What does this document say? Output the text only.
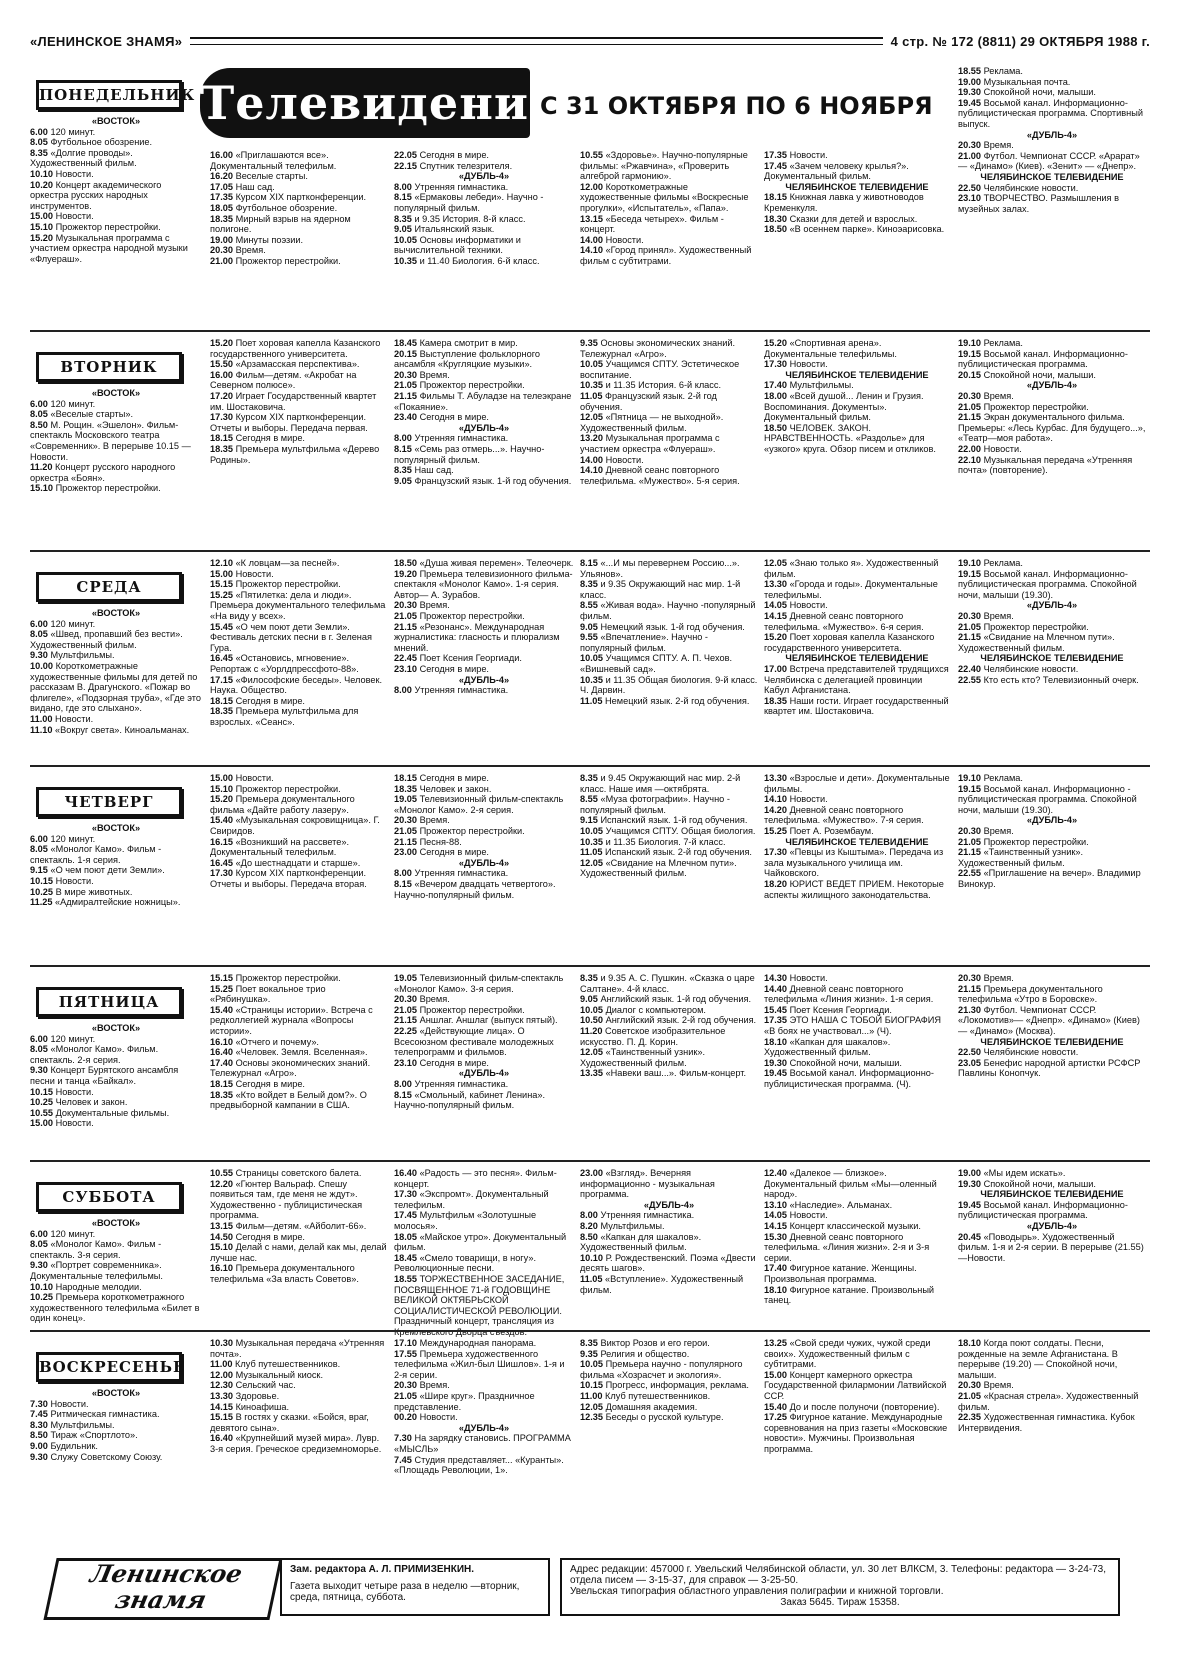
«ЛЕНИНСКОЕ ЗНАМЯ»	4 стр. № 172 (8811) 29 ОКТЯБРЯ 1988 г.
Телевидение
С 31 ОКТЯБРЯ ПО 6 НОЯБРЯ
ПОНЕДЕЛЬНИК

«ВОСТОК»

6.00 120 минут.

8.05 Футбольное обозрение.

8.35 «Долгие проводы». Художественный фильм.

10.10 Новости.

10.20 Концерт академического оркестра русских народных инструментов.

15.00 Новости.

15.10 Прожектор перестройки.

15.20 Музыкальная программа с участием оркестра народной музыки «Флуераш».

16.00 «Приглашаются все». Документальный телефильм.

16.20 Веселые старты.

17.05 Наш сад.

17.35 Курсом XIX партконференции.

18.05 Футбольное обозрение.

18.35 Мирный взрыв на ядерном полигоне.

19.00 Минуты поэзии.

20.30 Время.

21.00 Прожектор перестройки.

22.05 Сегодня в мире.

22.15 Спутник телезрителя.

«ДУБЛЬ-4»

8.00 Утренняя гимнастика.

8.15 «Ермаковы лебеди». Научно - популярный фильм.

8.35 и 9.35 История. 8-й класс.

9.05 Итальянский язык.

10.05 Основы информатики и вычислительной техники.

10.35 и 11.40 Биология. 6-й класс.

10.55 «Здоровье». Научно-популярные фильмы: «Ржавчина», «Проверить алгеброй гармонию».

12.00 Короткометражные художественные фильмы «Воскресные прогулки», «Испытатель», «Папа».

13.15 «Беседа четырех». Фильм - концерт.

14.00 Новости.

14.10 «Город принял». Художественный фильм с субтитрами.

17.35 Новости.

17.45 «Зачем человеку крылья?». Документальный фильм.

ЧЕЛЯБИНСКОЕ ТЕЛЕВИДЕНИЕ

18.15 Книжная лавка у животноводов Кременкуля.

18.30 Сказки для детей и взрослых.

18.50 «В осеннем парке». Киноэарисовка.

18.55 Реклама.

19.00 Музыкальная почта.

19.30 Спокойной ночи, малыши.

19.45 Восьмой канал. Информационно-публицистическая программа. Спортивный выпуск.

«ДУБЛЬ-4»

20.30 Время.

21.00 Футбол. Чемпионат СССР. «Арарат» — «Динамо» (Киев). «Зенит» — «Днепр».

ЧЕЛЯБИНСКОЕ ТЕЛЕВИДЕНИЕ

22.50 Челябинские новости.

23.10 ТВОРЧЕСТВО. Размышления в музейных залах.

ВТОРНИК

«ВОСТОК»

6.00 120 минут.

8.05 «Веселые старты».

8.50 М. Рощин. «Эшелон». Фильм-спектакль Московского театра «Современник». В перерыве 10.15 — Новости.

11.20 Концерт русского народного оркестра «Боян».

15.10 Прожектор перестройки.

15.20 Поет хоровая капелла Казанского государственного университета.

15.50 «Арзамасская перспектива».

16.00 Фильм—детям. «Акробат на Северном полюсе».

17.20 Играет Государственный квартет им. Шостаковича.

17.30 Курсом XIX партконференции. Отчеты и выборы. Передача первая.

18.15 Сегодня в мире.

18.35 Премьера мультфильма «Дерево Родины».

18.45 Камера смотрит в мир.

20.15 Выступление фольклорного ансамбля «Кругляцкие музыки».

20.30 Время.

21.05 Прожектор перестройки.

21.15 Фильмы Т. Абуладзе на телеэкране «Покаяние».

23.40 Сегодня в мире.

«ДУБЛЬ-4»

8.00 Утренняя гимнастика.

8.15 «Семь раз отмерь...». Научно- популярный фильм.

8.35 Наш сад.

9.05 Французский язык. 1-й год обучения.

9.35 Основы экономических знаний. Тележурнал «Агро».

10.05 Учащимся СПТУ. Эстетическое воспитание.

10.35 и 11.35 История. 6-й класс.

11.05 Французский язык. 2-й год обучения.

12.05 «Пятница — не выходной». Художественный фильм.

13.20 Музыкальная программа с участием оркестра «Флуераш».

14.00 Новости.

14.10 Дневной сеанс повторного телефильма. «Мужество». 5-я серия.

15.20 «Спортивная арена». Документальные телефильмы.

17.30 Новости.

ЧЕЛЯБИНСКОЕ ТЕЛЕВИДЕНИЕ

17.40 Мультфильмы.

18.00 «Всей душой... Ленин и Грузия. Воспоминания. Документы». Документальный фильм.

18.50 ЧЕЛОВЕК. ЗАКОН. НРАВСТВЕННОСТЬ. «Раздолье» для «узкого» круга. Обзор писем и откликов.

19.10 Реклама.

19.15 Восьмой канал. Информационно-публицистическая программа.

20.15 Спокойной ночи, малыши.

«ДУБЛЬ-4»

20.30 Время.

21.05 Прожектор перестройки.

21.15 Экран документального фильма. Премьеры: «Лесь Курбас. Для будущего...», «Театр—моя работа».

22.00 Новости.

22.10 Музыкальная передача «Утренняя почта» (повторение).

СРЕДА

«ВОСТОК»

6.00 120 минут.

8.05 «Швед, пропавший без вести». Художественный фильм.

9.30 Мультфильмы.

10.00 Короткометражные художественные фильмы для детей по рассказам В. Драгунского. «Пожар во флигеле», «Подзорная труба», «Где это видано, где это слыхано».

11.00 Новости.

11.10 «Вокруг света». Киноальманах.

12.10 «К ловцам—за песней».

15.00 Новости.

15.15 Прожектор перестройки.

15.25 «Пятилетка: дела и люди». Премьера документального телефильма «На виду у всех».

15.45 «О чем поют дети Земли». Фестиваль детских песни в г. Зеленая Гура.

16.45 «Остановись, мгновение». Репортаж с «Уорлдпрессфото-88».

17.15 «Философские беседы». Человек. Наука. Общество.

18.15 Сегодня в мире.

18.35 Премьера мультфильма для взрослых. «Сеанс».

18.50 «Душа живая перемен». Телеочерк.

19.20 Премьера телевизионного фильма-спектакля «Монолог Камо». 1-я серия. Автор— А. Зурабов.

20.30 Время.

21.05 Прожектор перестройки.

21.15 «Резонанс». Международная журналистика: гласность и плюрализм мнений.

22.45 Поет Ксения Георгиади.

23.10 Сегодня в мире.

«ДУБЛЬ-4»

8.00 Утренняя гимнастика.

8.15 «...И мы перевернем Россию...». Ульянов».

8.35 и 9.35 Окружающий нас мир. 1-й класс.

8.55 «Живая вода». Научно -популярный фильм.

9.05 Немецкий язык. 1-й год обучения.

9.55 «Впечатление». Научно - популярный фильм.

10.05 Учащимся СПТУ. А. П. Чехов. «Вишневый сад».

10.35 и 11.35 Общая биология. 9-й класс. Ч. Дарвин.

11.05 Немецкий язык. 2-й год обучения.

12.05 «Знаю только я». Художественный фильм.

13.30 «Города и годы». Документальные телефильмы.

14.05 Новости.

14.15 Дневной сеанс повторного телефильма. «Мужество». 6-я серия.

15.20 Поет хоровая капелла Казанского государственного университета.

ЧЕЛЯБИНСКОЕ ТЕЛЕВИДЕНИЕ

17.00 Встреча представителей трудящихся Челябинска с делегацией провинции Кабул Афганистана.

18.35 Наши гости. Играет государственный квартет им. Шостаковича.

19.10 Реклама.

19.15 Восьмой канал. Информационно-публицистическая программа. Спокойной ночи, малыши (19.30).

«ДУБЛЬ-4»

20.30 Время.

21.05 Прожектор перестройки.

21.15 «Свидание на Млечном пути». Художественный фильм.

ЧЕЛЯБИНСКОЕ ТЕЛЕВИДЕНИЕ

22.40 Челябинские новости.

22.55 Кто есть кто? Телевизионный очерк.

ЧЕТВЕРГ

«ВОСТОК»

6.00 120 минут.

8.05 «Монолог Камо». Фильм - спектакль. 1-я серия.

9.15 «О чем поют дети Земли».

10.15 Новости.

10.25 В мире животных.

11.25 «Адмиралтейские ножницы».

15.00 Новости.

15.10 Прожектор перестройки.

15.20 Премьера документального фильма «Дайте работу лазеру».

15.40 «Музыкальная сокровищница». Г. Свиридов.

16.15 «Возникший на рассвете». Документальный телефильм.

16.45 «До шестнадцати и старше».

17.30 Курсом XIX партконференции. Отчеты и выборы. Передача вторая.

18.15 Сегодня в мире.

18.35 Человек и закон.

19.05 Телевизионный фильм-спектакль «Монолог Камо». 2-я серия.

20.30 Время.

21.05 Прожектор перестройки.

21.15 Песня-88.

23.00 Сегодня в мире.

«ДУБЛЬ-4»

8.00 Утренняя гимнастика.

8.15 «Вечером двадцать четвертого». Научно-популярный фильм.

8.35 и 9.45 Окружающий нас мир. 2-й класс. Наше имя —октябрята.

8.55 «Муза фотографии». Научно - популярный фильм.

9.15 Испанский язык. 1-й год обучения.

10.05 Учащимся СПТУ. Общая биология.

10.35 и 11.35 Биология. 7-й класс.

11.05 Испанский язык. 2-й год обучения.

12.05 «Свидание на Млечном пути». Художественный фильм.

13.30 «Взрослые и дети». Документальные фильмы.

14.10 Новости.

14.20 Дневной сеанс повторного телефильма. «Мужество». 7-я серия.

15.25 Поет А. Розембаум.

ЧЕЛЯБИНСКОЕ ТЕЛЕВИДЕНИЕ

17.30 «Певцы из Кыштыма». Передача из зала музыкального училища им. Чайковского.

18.20 ЮРИСТ ВЕДЕТ ПРИЕМ. Некоторые аспекты жилищного законодательства.

19.10 Реклама.

19.15 Восьмой канал. Информационно - публицистическая программа. Спокойной ночи, малыши (19.30).

«ДУБЛЬ-4»

20.30 Время.

21.05 Прожектор перестройки.

21.15 «Таинственный узник». Художественный фильм.

22.55 «Приглашение на вечер». Владимир Винокур.

ПЯТНИЦА

«ВОСТОК»

6.00 120 минут.

8.05 «Монолог Камо». Фильм. спектакль. 2-я серия.

9.30 Концерт Бурятского ансамбля песни и танца «Байкал».

10.15 Новости.

10.25 Человек и закон.

10.55 Документальные фильмы.

15.00 Новости.

15.15 Прожектор перестройки.

15.25 Поет вокальное трио «Рябинушка».

15.40 «Страницы истории». Встреча с редколлегией журнала «Вопросы истории».

16.10 «Отчего и почему».

16.40 «Человек. Земля. Вселенная».

17.40 Основы экономических знаний. Тележурнал «Агро».

18.15 Сегодня в мире.

18.35 «Кто войдет в Белый дом?». О предвыборной кампании в США.

19.05 Телевизионный фильм-спектакль «Монолог Камо». 3-я серия.

20.30 Время.

21.05 Прожектор перестройки.

21.15 Аншлаг. Аншлаг (выпуск пятый).

22.25 «Действующие лица». О Всесоюзном фестивале молодежных телепрограмм и фильмов.

23.10 Сегодня в мире.

«ДУБЛЬ-4»

8.00 Утренняя гимнастика.

8.15 «Смольный, кабинет Ленина». Научно-популярный фильм.

8.35 и 9.35 А. С. Пушкин. «Сказка о царе Салтане». 4-й класс.

9.05 Английский язык. 1-й год обучения.

10.05 Диалог с компьютером.

10.50 Английский язык. 2-й год обучения.

11.20 Советское изобразительное искусство. П. Д. Корин.

12.05 «Таинственный узник». Художественный фильм.

13.35 «Навеки ваш...». Фильм-концерт.

14.30 Новости.

14.40 Дневной сеанс повторного телефильма «Линия жизни». 1-я серия.

15.45 Поет Ксения Георгиади.

17.35 ЭТО НАША С ТОБОЙ БИОГРАФИЯ «В боях не участвовал...» (Ч).

18.10 «Капкан для шакалов». Художественный фильм.

19.30 Спокойной ночи, малыши.

19.45 Восьмой канал. Информационно-публицистическая программа. (Ч).

20.30 Время.

21.15 Премьера документального телефильма «Утро в Боровске».

21.30 Футбол. Чемпионат СССР. «Локомотив»— «Днепр». «Динамо» (Киев) — «Динамо» (Москва).

ЧЕЛЯБИНСКОЕ ТЕЛЕВИДЕНИЕ

22.50 Челябинские новости.

23.05 Бенефис народной артистки РСФСР Павлины Конопчук.

СУББОТА

«ВОСТОК»

6.00 120 минут.

8.05 «Монолог Камо». Фильм - спектакль. 3-я серия.

9.30 «Портрет современника». Документальные телефильмы.

10.10 Народные мелодии.

10.25 Премьера короткометражного художественного телефильма «Билет в один конец».

10.55 Страницы советского балета.

12.20 «Гюнтер Вальраф. Спешу появиться там, где меня не ждут». Художественно - публицистическая программа.

13.15 Фильм—детям. «Айболит-66».

14.50 Сегодня в мире.

15.10 Делай с нами, делай как мы, делай лучше нас.

16.10 Премьера документального телефильма «За власть Советов».

16.40 «Радость — это песня». Фильм-концерт.

17.30 «Экспромт». Документальный телефильм.

17.45 Мультфильм «Золотушные молосья».

18.05 «Майское утро». Документальный фильм.

18.45 «Смело товарищи, в ногу». Революционные песни.

18.55 ТОРЖЕСТВЕННОЕ ЗАСЕДАНИЕ, ПОСВЯЩЕННОЕ 71-й ГОДОВЩИНЕ ВЕЛИКОЙ ОКТЯБРЬСКОЙ СОЦИАЛИСТИЧЕСКОЙ РЕВОЛЮЦИИ. Праздничный концерт, трансляция из Кремлевского Дворца съездов.

23.00 «Взгляд». Вечерняя информационно - музыкальная программа.

«ДУБЛЬ-4»

8.00 Утренняя гимнастика.

8.20 Мультфильмы.

8.50 «Капкан для шакалов». Художественный фильм.

10.10 Р. Рождественский. Поэма «Двести десять шагов».

11.05 «Вступление». Художественный фильм.

12.40 «Далекое — близкое». Документальный фильм «Мы—оленный народ».

13.10 «Наследие». Альманах.

14.05 Новости.

14.15 Концерт классической музыки.

15.30 Дневной сеанс повторного телефильма. «Линия жизни». 2-я и 3-я серии.

17.40 Фигурное катание. Женщины. Произвольная программа.

18.10 Фигурное катание. Произвольный танец.

19.00 «Мы идем искать».

19.30 Спокойной ночи, малыши.

ЧЕЛЯБИНСКОЕ ТЕЛЕВИДЕНИЕ

19.45 Восьмой канал. Информационно-публицистическая программа.

«ДУБЛЬ-4»

20.45 «Поводырь». Художественный фильм. 1-я и 2-я серии. В перерыве (21.55)—Новости.

ВОСКРЕСЕНЬЕ

«ВОСТОК»

7.30 Новости.

7.45 Ритмическая гимнастика.

8.30 Мультфильмы.

8.50 Тираж «Спортлото».

9.00 Будильник.

9.30 Служу Советскому Союзу.

10.30 Музыкальная передача «Утренняя почта».

11.00 Клуб путешественников.

12.00 Музыкальный киоск.

12.30 Сельский час.

13.30 Здоровье.

14.15 Киноафиша.

15.15 В гостях у сказки. «Бойся, враг, девятого сына».

16.40 «Крупнейший музей мира». Лувр. 3-я серия. Греческое средиземноморье.

17.10 Международная панорама.

17.55 Премьера художественного телефильма «Жил-был Шишлов». 1-я и 2-я серии.

20.30 Время.

21.05 «Шире круг». Праздничное представление.

00.20 Новости.

«ДУБЛЬ-4»

7.30 На зарядку становись. ПРОГРАММА «МЫСЛЬ»

7.45 Студия представляет... «Куранты». «Площадь Революции, 1».

8.35 Виктор Розов и его герои.

9.35 Религия и общество.

10.05 Премьера научно - популярного фильма «Хозрасчет и экология».

10.15 Прогресс, информация, реклама.

11.00 Клуб путешественников.

12.05 Домашняя академия.

12.35 Беседы о русской культуре.

13.25 «Свой среди чужих, чужой среди своих». Художественный фильм с субтитрами.

15.00 Концерт камерного оркестра Государственной филармонии Латвийской ССР.

15.40 До и после полуночи (повторение).

17.25 Фигурное катание. Международные соревнования на приз газеты «Московские новости». Мужчины. Произвольная программа.

18.10 Когда поют солдаты. Песни, рожденные на земле Афганистана. В перерыве (19.20) — Спокойной ночи, малыши.

20.30 Время.

21.05 «Красная стрела». Художественный фильм.

22.35 Художественная гимнастика. Кубок Интервидения.

Ленинское знамя
Зам. редактора А. Л. ПРИМИЗЕНКИН.
Газета выходит четыре раза в неделю —вторник, среда, пятница, суббота.
Адрес редакции: 457000 г. Увельский Челябинской области, ул. 30 лет ВЛКСМ, 3. Телефоны: редактора — 3-24-73, отдела писем — 3-15-37, для справок — 3-25-50.
Увельская типография областного управления полиграфии и книжной торговли.
Заказ 5645. Тираж 15358.
